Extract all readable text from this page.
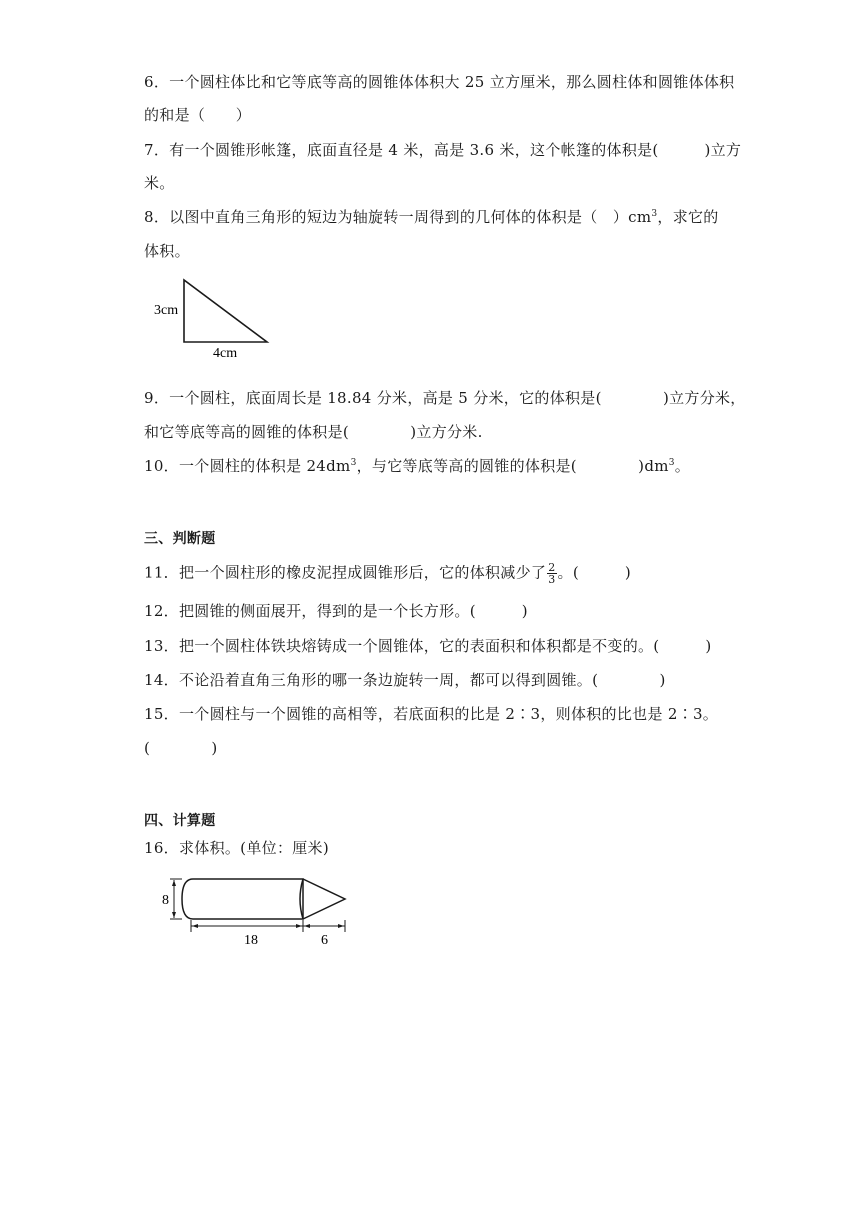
6．一个圆柱体比和它等底等高的圆锥体体积大 25 立方厘米，那么圆柱体和圆锥体体积
的和是（　　）
7．有一个圆锥形帐篷，底面直径是 4 米，高是 3.6 米，这个帐篷的体积是(　　　)立方
米。
8．以图中直角三角形的短边为轴旋转一周得到的几何体的体积是（　）$cm^3$，求它的
体积。
3cm
4cm
9．一个圆柱，底面周长是 18.84 分米，高是 5 分米，它的体积是(　　　　)立方分米，
和它等底等高的圆锥的体积是(　　　　)立方分米.
10．一个圆柱的体积是 $24dm^3$，与它等底等高的圆锥的体积是(　　　　)$dm^3$。
三、判断题
11．把一个圆柱形的橡皮泥捏成圆锥形后，它的体积减少了 $\frac{2}{3}$ 。(　　　)
12．把圆锥的侧面展开，得到的是一个长方形。(　　　)
13．把一个圆柱体铁块熔铸成一个圆锥体，它的表面积和体积都是不变的。(　　　)
14．不论沿着直角三角形的哪一条边旋转一周，都可以得到圆锥。(　　　　)
15．一个圆柱与一个圆锥的高相等，若底面积的比是 2∶3，则体积的比也是 2∶3。
(　　　　)
四、计算题
16．求体积。(单位：厘米)
8
18	6
